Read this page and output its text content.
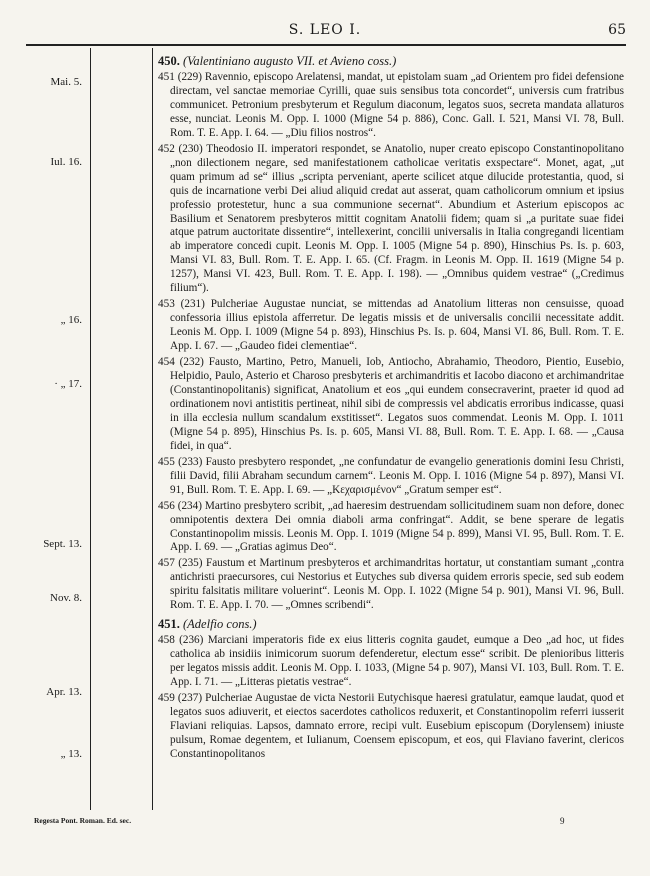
S. LEO I.	65
Mai. 5.
Iul. 16.
„ 16.
· „ 17.
Sept. 13.
Nov. 8.
Apr. 13.
„ 13.
450. (Valentiniano augusto VII. et Avieno coss.)
451 (229) Ravennio, episcopo Arelatensi, mandat, ut epistolam suam „ad Orientem pro fidei defensione directam, vel sanctae memoriae Cyrilli, quae suis sensibus tota concordet“, universis cum fratribus communicet. Petronium presbyterum et Regulum diaconum, legatos suos, secreta mandata allaturos esse, nunciat. Leonis M. Opp. I. 1000 (Migne 54 p. 886), Conc. Gall. I. 521, Mansi VI. 78, Bull. Rom. T. E. App. I. 64. — „Diu filios nostros“.
452 (230) Theodosio II. imperatori respondet, se Anatolio, nuper creato episcopo Constantinopolitano „non dilectionem negare, sed manifestationem catholicae veritatis exspectare“. Monet, agat, „ut quam primum ad se“ illius „scripta perveniant, aperte scilicet atque dilucide protestantia, quod, si quis de incarnatione verbi Dei aliud aliquid credat aut asserat, quam catholicorum omnium et ipsius professio protestetur, hunc a sua communione secernat“. Abundium et Asterium episcopos ac Basilium et Senatorem presbyteros mittit cognitam Anatolii fidem; quam si „a puritate suae fidei atque patrum auctoritate dissentire“, intellexerint, concilii universalis in Italia congregandi licentiam ab imperatore concedi cupit. Leonis M. Opp. I. 1005 (Migne 54 p. 890), Hinschius Ps. Is. p. 603, Mansi VI. 83, Bull. Rom. T. E. App. I. 65. (Cf. Fragm. in Leonis M. Opp. II. 1619 (Migne 54 p. 1257), Mansi VI. 423, Bull. Rom. T. E. App. I. 198). — „Omnibus quidem vestrae“ („Credimus filium“).
453 (231) Pulcheriae Augustae nunciat, se mittendas ad Anatolium litteras non censuisse, quoad confessoria illius epistola afferretur. De legatis missis et de universalis concilii necessitate addit. Leonis M. Opp. I. 1009 (Migne 54 p. 893), Hinschius Ps. Is. p. 604, Mansi VI. 86, Bull. Rom. T. E. App. I. 67. — „Gaudeo fidei clementiae“.
454 (232) Fausto, Martino, Petro, Manueli, Iob, Antiocho, Abrahamio, Theodoro, Pientio, Eusebio, Helpidio, Paulo, Asterio et Charoso presbyteris et archimandritis et Iacobo diacono et archimandritae (Constantinopolitanis) significat, Anatolium et eos „qui eundem consecraverint, praeter id quod ad ordinationem novi antistitis pertineat, nihil sibi de compressis vel abdicatis erroribus indicasse, quasi in illa ecclesia nullum scandalum exstitisset“. Legatos suos commendat. Leonis M. Opp. I. 1011 (Migne 54 p. 895), Hinschius Ps. Is. p. 605, Mansi VI. 88, Bull. Rom. T. E. App. I. 68. — „Causa fidei, in qua“.
455 (233) Fausto presbytero respondet, „ne confundatur de evangelio generationis domini Iesu Christi, filii David, filii Abraham secundum carnem“. Leonis M. Opp. I. 1016 (Migne 54 p. 897), Mansi VI. 91, Bull. Rom. T. E. App. I. 69. — „Κεχαρισμένον“ „Gratum semper est“.
456 (234) Martino presbytero scribit, „ad haeresim destruendam sollicitudinem suam non defore, donec omnipotentis dextera Dei omnia diaboli arma confringat“. Addit, se bene sperare de legatis Constantinopolim missis. Leonis M. Opp. I. 1019 (Migne 54 p. 899), Mansi VI. 95, Bull. Rom. T. E. App. I. 69. — „Gratias agimus Deo“.
457 (235) Faustum et Martinum presbyteros et archimandritas hortatur, ut constantiam sumant „contra antichristi praecursores, cui Nestorius et Eutyches sub diversa quidem erroris specie, sed sub eodem spiritu falsitatis militare voluerint“. Leonis M. Opp. I. 1022 (Migne 54 p. 901), Mansi VI. 96, Bull. Rom. T. E. App. I. 70. — „Omnes scribendi“.
451. (Adelfio cons.)
458 (236) Marciani imperatoris fide ex eius litteris cognita gaudet, eumque a Deo „ad hoc, ut fides catholica ab insidiis inimicorum suorum defenderetur, electum esse“ scribit. De plenioribus litteris per legatos missis addit. Leonis M. Opp. I. 1033, (Migne 54 p. 907), Mansi VI. 103, Bull. Rom. T. E. App. I. 71. — „Litteras pietatis vestrae“.
459 (237) Pulcheriae Augustae de victa Nestorii Eutychisque haeresi gratulatur, eamque laudat, quod et legatos suos adiuverit, et eiectos sacerdotes catholicos reduxerit, et Constantinopolim referri iusserit Flaviani reliquias. Lapsos, damnato errore, recipi vult. Eusebium episcopum (Dorylensem) iniuste pulsum, Romae degentem, et Iulianum, Coensem episcopum, et eos, qui Flaviano faverint, clericos Constantinopolitanos
Regesta Pont. Roman. Ed. sec.	9
